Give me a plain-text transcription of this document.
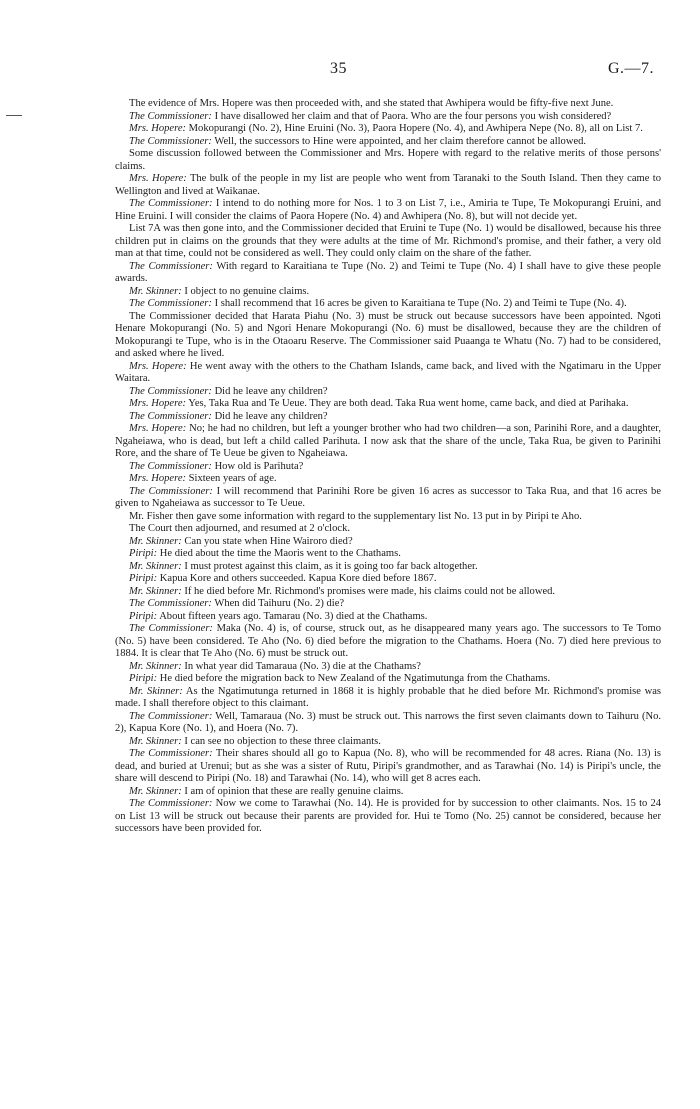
35	G.—7.

The evidence of Mrs. Hopere was then proceeded with, and she stated that Awhipera would be fifty-five next June.

The Commissioner: I have disallowed her claim and that of Paora. Who are the four persons you wish considered?

Mrs. Hopere: Mokopurangi (No. 2), Hine Eruini (No. 3), Paora Hopere (No. 4), and Awhipera Nepe (No. 8), all on List 7.

The Commissioner: Well, the successors to Hine were appointed, and her claim therefore cannot be allowed.

Some discussion followed between the Commissioner and Mrs. Hopere with regard to the relative merits of those persons' claims.

Mrs. Hopere: The bulk of the people in my list are people who went from Taranaki to the South Island. Then they came to Wellington and lived at Waikanae.

The Commissioner: I intend to do nothing more for Nos. 1 to 3 on List 7, i.e., Amiria te Tupe, Te Mokopurangi Eruini, and Hine Eruini. I will consider the claims of Paora Hopere (No. 4) and Awhipera (No. 8), but will not decide yet.

List 7A was then gone into, and the Commissioner decided that Eruini te Tupe (No. 1) would be disallowed, because his three children put in claims on the grounds that they were adults at the time of Mr. Richmond's promise, and their father, a very old man at that time, could not be considered as well. They could only claim on the share of the father.

The Commissioner: With regard to Karaitiana te Tupe (No. 2) and Teimi te Tupe (No. 4) I shall have to give these people awards.

Mr. Skinner: I object to no genuine claims.

The Commissioner: I shall recommend that 16 acres be given to Karaitiana te Tupe (No. 2) and Teimi te Tupe (No. 4).

The Commissioner decided that Harata Piahu (No. 3) must be struck out because successors have been appointed. Ngoti Henare Mokopurangi (No. 5) and Ngori Henare Mokopurangi (No. 6) must be disallowed, because they are the children of Mokopurangi te Tupe, who is in the Otaoaru Reserve. The Commissioner said Puaanga te Whatu (No. 7) had to be considered, and asked where he lived.

Mrs. Hopere: He went away with the others to the Chatham Islands, came back, and lived with the Ngatimaru in the Upper Waitara.

The Commissioner: Did he leave any children?

Mrs. Hopere: Yes, Taka Rua and Te Ueue. They are both dead. Taka Rua went home, came back, and died at Parihaka.

The Commissioner: Did he leave any children?

Mrs. Hopere: No; he had no children, but left a younger brother who had two children—a son, Parinihi Rore, and a daughter, Ngaheiawa, who is dead, but left a child called Parihuta. I now ask that the share of the uncle, Taka Rua, be given to Parinihi Rore, and the share of Te Ueue be given to Ngaheiawa.

The Commissioner: How old is Parihuta?

Mrs. Hopere: Sixteen years of age.

The Commissioner: I will recommend that Parinihi Rore be given 16 acres as successor to Taka Rua, and that 16 acres be given to Ngaheiawa as successor to Te Ueue.

Mr. Fisher then gave some information with regard to the supplementary list No. 13 put in by Piripi te Aho.

The Court then adjourned, and resumed at 2 o'clock.

Mr. Skinner: Can you state when Hine Wairoro died?

Piripi: He died about the time the Maoris went to the Chathams.

Mr. Skinner: I must protest against this claim, as it is going too far back altogether.

Piripi: Kapua Kore and others succeeded. Kapua Kore died before 1867.

Mr. Skinner: If he died before Mr. Richmond's promises were made, his claims could not be allowed.

The Commissioner: When did Taihuru (No. 2) die?

Piripi: About fifteen years ago. Tamarau (No. 3) died at the Chathams.

The Commissioner: Maka (No. 4) is, of course, struck out, as he disappeared many years ago. The successors to Te Tomo (No. 5) have been considered. Te Aho (No. 6) died before the migration to the Chathams. Hoera (No. 7) died here previous to 1884. It is clear that Te Aho (No. 6) must be struck out.

Mr. Skinner: In what year did Tamaraua (No. 3) die at the Chathams?

Piripi: He died before the migration back to New Zealand of the Ngatimutunga from the Chathams.

Mr. Skinner: As the Ngatimutunga returned in 1868 it is highly probable that he died before Mr. Richmond's promise was made. I shall therefore object to this claimant.

The Commissioner: Well, Tamaraua (No. 3) must be struck out. This narrows the first seven claimants down to Taihuru (No. 2), Kapua Kore (No. 1), and Hoera (No. 7).

Mr. Skinner: I can see no objection to these three claimants.

The Commissioner: Their shares should all go to Kapua (No. 8), who will be recommended for 48 acres. Riana (No. 13) is dead, and buried at Urenui; but as she was a sister of Rutu, Piripi's grandmother, and as Tarawhai (No. 14) is Piripi's uncle, the share will descend to Piripi (No. 18) and Tarawhai (No. 14), who will get 8 acres each.

Mr. Skinner: I am of opinion that these are really genuine claims.

The Commissioner: Now we come to Tarawhai (No. 14). He is provided for by succession to other claimants. Nos. 15 to 24 on List 13 will be struck out because their parents are provided for. Hui te Tomo (No. 25) cannot be considered, because her successors have been provided for.
